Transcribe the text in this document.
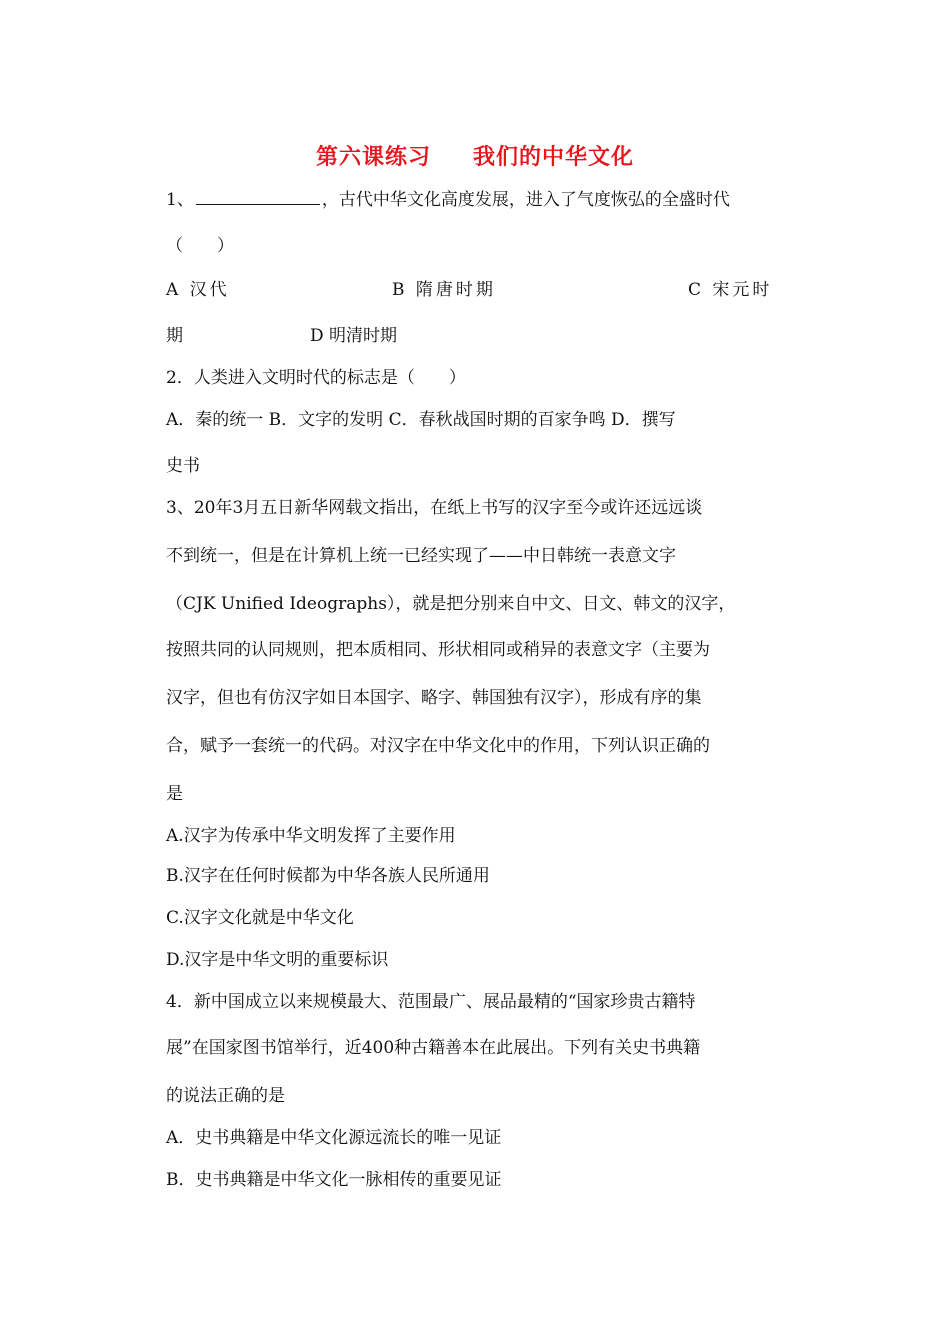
第六课练习 我们的中华文化
1、	，古代中华文化高度发展，进入了气度恢弘的全盛时代
（　　）
A 汉代	B 隋唐时期	C 宋元时
期	D 明清时期
2．人类进入文明时代的标志是（　　）
A．秦的统一 B．文字的发明 C．春秋战国时期的百家争鸣 D．撰写
史书
3、20年3月五日新华网载文指出，在纸上书写的汉字至今或许还远远谈
不到统一，但是在计算机上统一已经实现了——中日韩统一表意文字
（CJK Unified Ideographs），就是把分别来自中文、日文、韩文的汉字，
按照共同的认同规则，把本质相同、形状相同或稍异的表意文字（主要为
汉字，但也有仿汉字如日本国字、略字、韩国独有汉字），形成有序的集
合，赋予一套统一的代码。对汉字在中华文化中的作用，下列认识正确的
是
A.汉字为传承中华文明发挥了主要作用
B.汉字在任何时候都为中华各族人民所通用
C.汉字文化就是中华文化
D.汉字是中华文明的重要标识
4．新中国成立以来规模最大、范围最广、展品最精的“国家珍贵古籍特
展”在国家图书馆举行，近400种古籍善本在此展出。下列有关史书典籍
的说法正确的是
A．史书典籍是中华文化源远流长的唯一见证
B．史书典籍是中华文化一脉相传的重要见证
